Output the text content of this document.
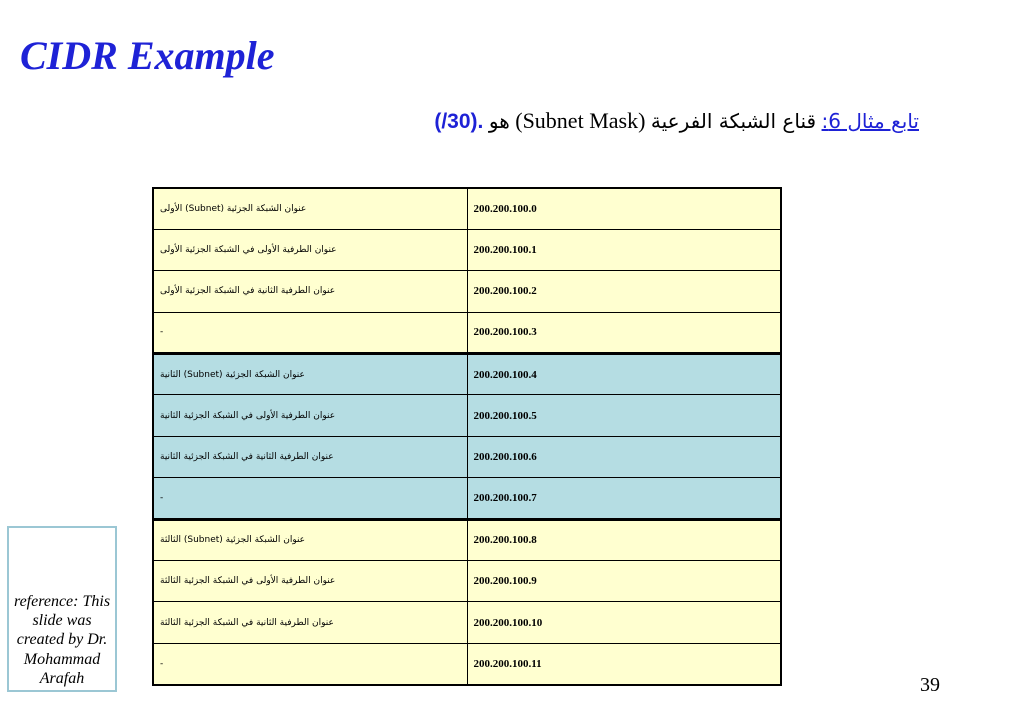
CIDR Example
تابع مثال 6: قناع الشبكة الفرعية (Subnet Mask) هو (/30).
عنوان الشبكة الجزئية (Subnet) الأولى	200.200.100.0
عنوان الطرفية الأولى في الشبكة الجزئية الأولى	200.200.100.1
عنوان الطرفية الثانية في الشبكة الجزئية الأولى	200.200.100.2
-	200.200.100.3
عنوان الشبكة الجزئية (Subnet) الثانية	200.200.100.4
عنوان الطرفية الأولى في الشبكة الجزئية الثانية	200.200.100.5
عنوان الطرفية الثانية في الشبكة الجزئية الثانية	200.200.100.6
-	200.200.100.7
عنوان الشبكة الجزئية (Subnet) الثالثة	200.200.100.8
عنوان الطرفية الأولى في الشبكة الجزئية الثالثة	200.200.100.9
عنوان الطرفية الثانية في الشبكة الجزئية الثالثة	200.200.100.10
-	200.200.100.11
reference: This slide was created by Dr. Mohammad Arafah	39
